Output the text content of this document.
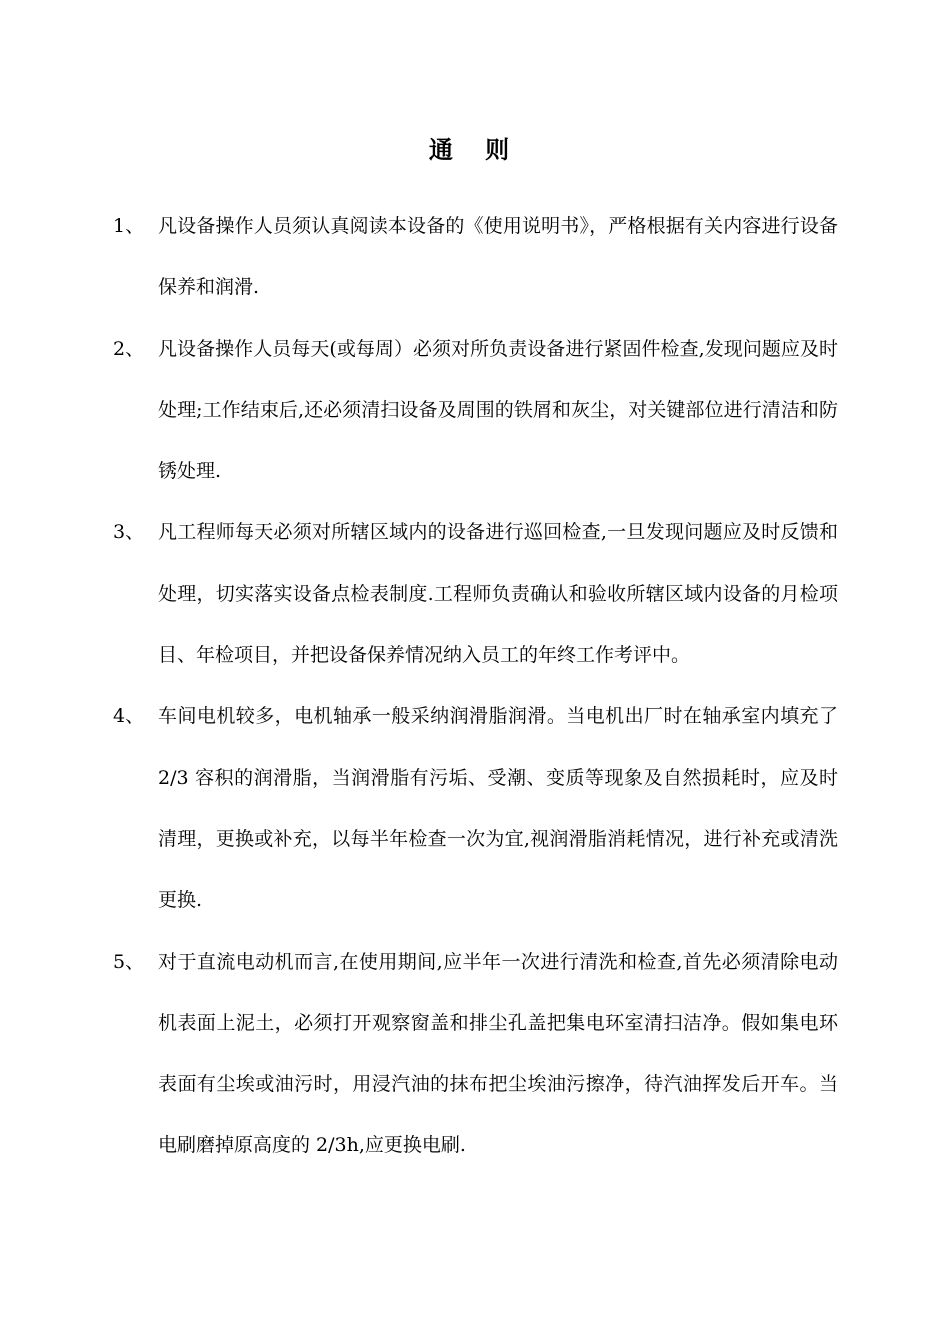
通 则
1、 凡设备操作人员须认真阅读本设备的《使用说明书》，严格根据有关内容进行设备保养和润滑.
2、 凡设备操作人员每天(或每周）必须对所负责设备进行紧固件检查,发现问题应及时处理;工作结束后,还必须清扫设备及周围的铁屑和灰尘，对关键部位进行清洁和防锈处理.
3、 凡工程师每天必须对所辖区域内的设备进行巡回检查,一旦发现问题应及时反馈和处理，切实落实设备点检表制度.工程师负责确认和验收所辖区域内设备的月检项目、年检项目，并把设备保养情况纳入员工的年终工作考评中。
4、 车间电机较多，电机轴承一般采纳润滑脂润滑。当电机出厂时在轴承室内填充了 2/3 容积的润滑脂，当润滑脂有污垢、受潮、变质等现象及自然损耗时，应及时清理，更换或补充，以每半年检查一次为宜,视润滑脂消耗情况，进行补充或清洗更换.
5、 对于直流电动机而言,在使用期间,应半年一次进行清洗和检查,首先必须清除电动机表面上泥土，必须打开观察窗盖和排尘孔盖把集电环室清扫洁净。假如集电环表面有尘埃或油污时，用浸汽油的抹布把尘埃油污擦净，待汽油挥发后开车。当电刷磨掉原高度的 2/3h,应更换电刷.
